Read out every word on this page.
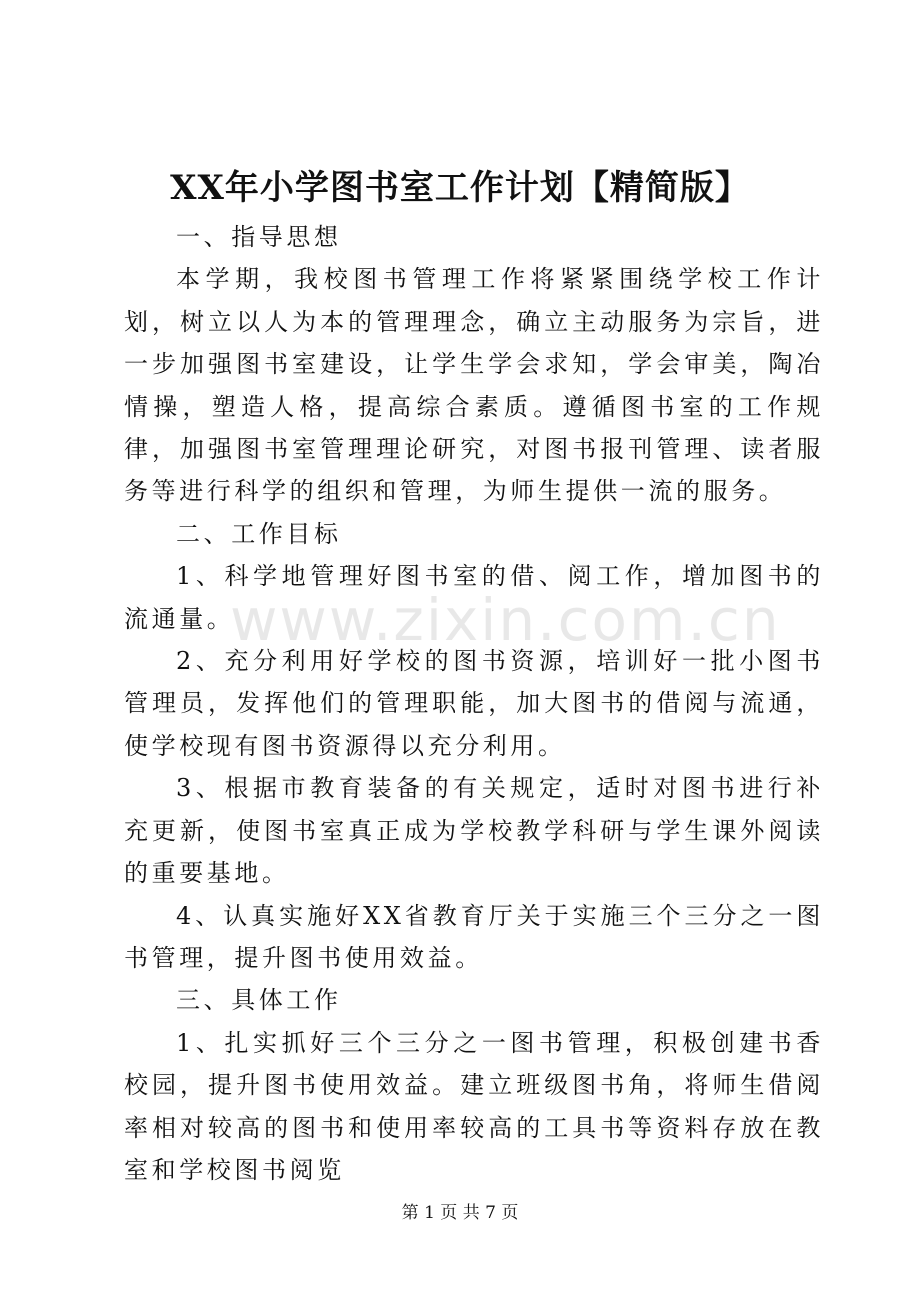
www.zixin.com.cn
XX年小学图书室工作计划【精简版】

一、指导思想

本学期，我校图书管理工作将紧紧围绕学校工作计划，树立以人为本的管理理念，确立主动服务为宗旨，进一步加强图书室建设，让学生学会求知，学会审美，陶冶情操，塑造人格，提高综合素质。遵循图书室的工作规律，加强图书室管理理论研究，对图书报刊管理、读者服务等进行科学的组织和管理，为师生提供一流的服务。

二、工作目标

1、科学地管理好图书室的借、阅工作，增加图书的流通量。

2、充分利用好学校的图书资源，培训好一批小图书管理员，发挥他们的管理职能，加大图书的借阅与流通，使学校现有图书资源得以充分利用。

3、根据市教育装备的有关规定，适时对图书进行补充更新，使图书室真正成为学校教学科研与学生课外阅读的重要基地。

4、认真实施好XX省教育厅关于实施三个三分之一图书管理，提升图书使用效益。

三、具体工作

1、扎实抓好三个三分之一图书管理，积极创建书香校园，提升图书使用效益。建立班级图书角，将师生借阅率相对较高的图书和使用率较高的工具书等资料存放在教室和学校图书阅览

第 1 页 共 7 页
